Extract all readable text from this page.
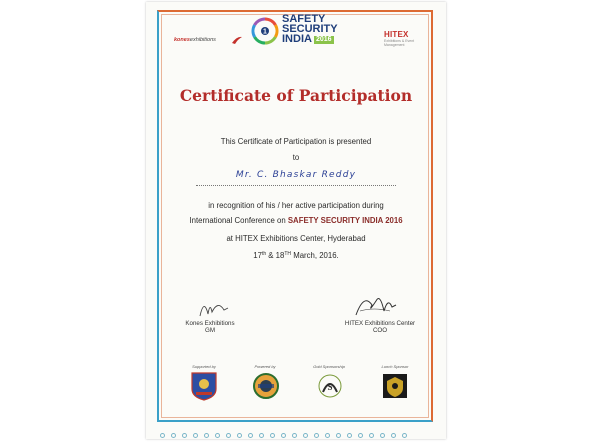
konesexhibitions
1
SAFETY
SECURITY
INDIA 2016
HITEX
Exhibitions & Event Management
Certificate of Participation
This Certificate of Participation is presented
to
Mr. C. Bhaskar Reddy
in recognition of his / her active participation during
International Conference on SAFETY SECURITY INDIA 2016
at HITEX Exhibitions Center, Hyderabad
17th & 18TH March, 2016.
Kones Exhibitions
GM
HITEX Exhibitions Center
COO
Supported by	Powered by	Gold Sponsorship
S
Lunch Sponsor
